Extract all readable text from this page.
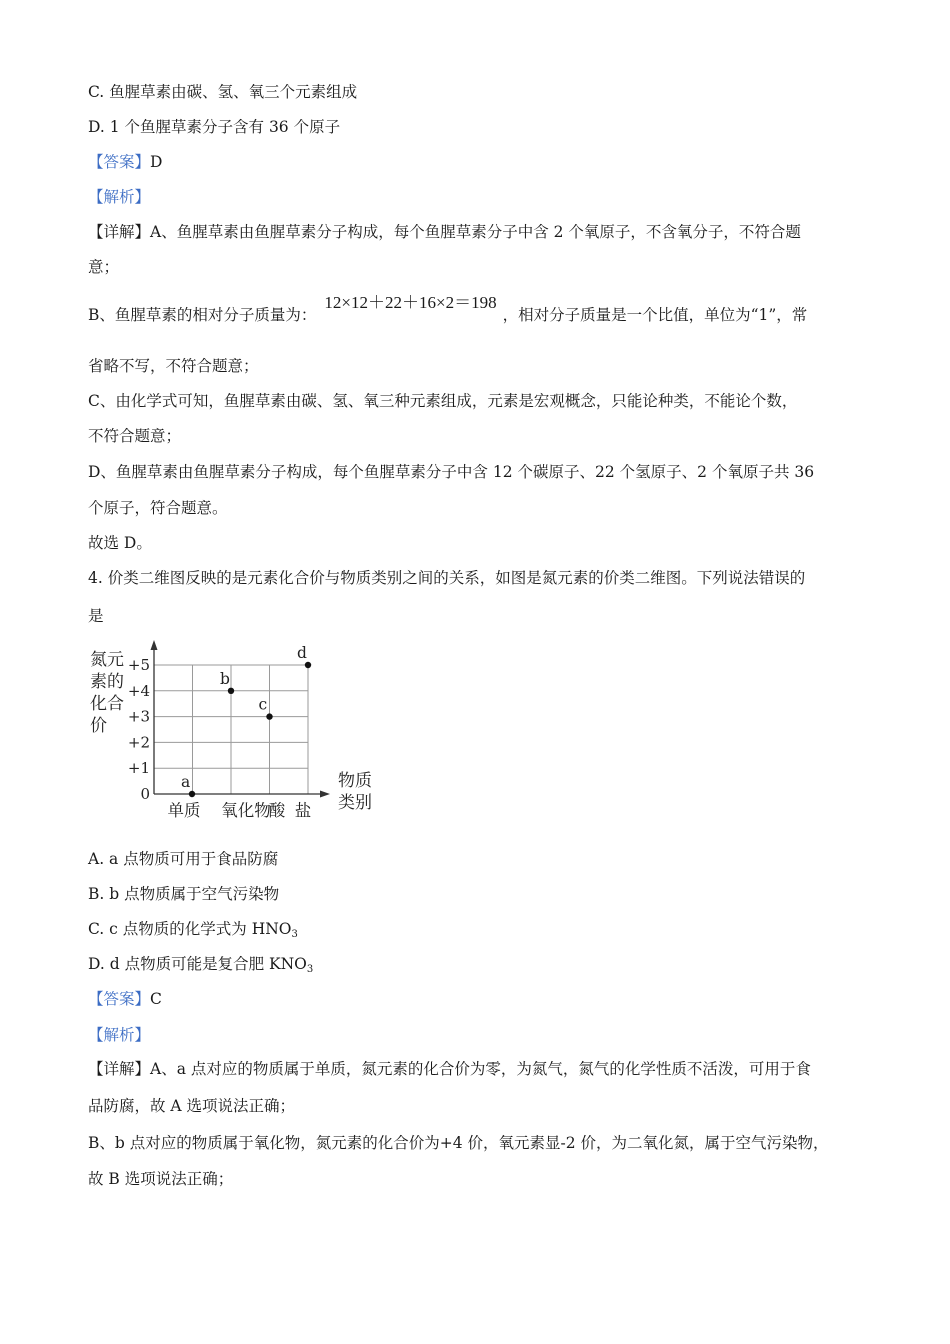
C. 鱼腥草素由碳、氢、氧三个元素组成
D. 1 个鱼腥草素分子含有 36 个原子
【答案】D
【解析】
【详解】A、鱼腥草素由鱼腥草素分子构成，每个鱼腥草素分子中含 2 个氧原子，不含氧分子，不符合题
意；
B、鱼腥草素的相对分子质量为：12×12＋22＋16×2＝198，相对分子质量是一个比值，单位为“1”，常
省略不写，不符合题意；
C、由化学式可知，鱼腥草素由碳、氢、氧三种元素组成，元素是宏观概念，只能论种类，不能论个数，
不符合题意；
D、鱼腥草素由鱼腥草素分子构成，每个鱼腥草素分子中含 12 个碳原子、22 个氢原子、2 个氧原子共 36
个原子，符合题意。
故选 D。
4. 价类二维图反映的是元素化合价与物质类别之间的关系，如图是氮元素的价类二维图。下列说法错误的
是
氮元
素的
化合
价
0
+1
+2
+3
+4
+5
单质 氧化物
酸 盐
物质
类别
a
b
c
d
A. a 点物质可用于食品防腐
B. b 点物质属于空气污染物
C. c 点物质的化学式为 $HNO_3$
D. d 点物质可能是复合肥 $KNO_3$
【答案】C
【解析】
【详解】A、a 点对应的物质属于单质，氮元素的化合价为零，为氮气，氮气的化学性质不活泼，可用于食
品防腐，故 A 选项说法正确；
B、b 点对应的物质属于氧化物，氮元素的化合价为+4 价，氧元素显-2 价，为二氧化氮，属于空气污染物，
故 B 选项说法正确；
